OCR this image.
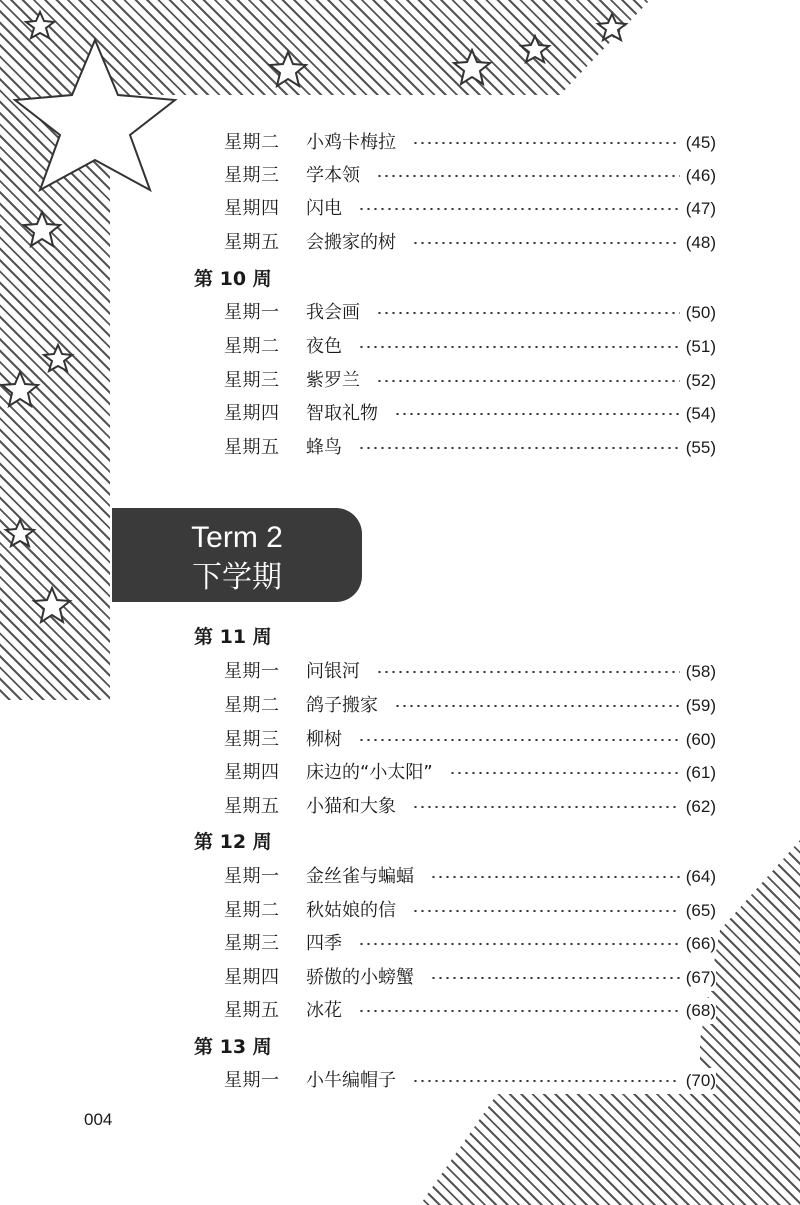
星期二	小鸡卡梅拉	(45)
星期三	学本领	(46)
星期四	闪电	(47)
星期五	会搬家的树	(48)
第 10 周
星期一	我会画	(50)
星期二	夜色	(51)
星期三	紫罗兰	(52)
星期四	智取礼物	(54)
星期五	蜂鸟	(55)
Term 2
下学期
第 11 周
星期一	问银河	(58)
星期二	鸽子搬家	(59)
星期三	柳树	(60)
星期四	床边的“小太阳”	(61)
星期五	小猫和大象	(62)
第 12 周
星期一	金丝雀与蝙蝠	(64)
星期二	秋姑娘的信	(65)
星期三	四季	(66)
星期四	骄傲的小螃蟹	(67)
星期五	冰花	(68)
第 13 周
星期一	小牛编帽子	(70)
004
